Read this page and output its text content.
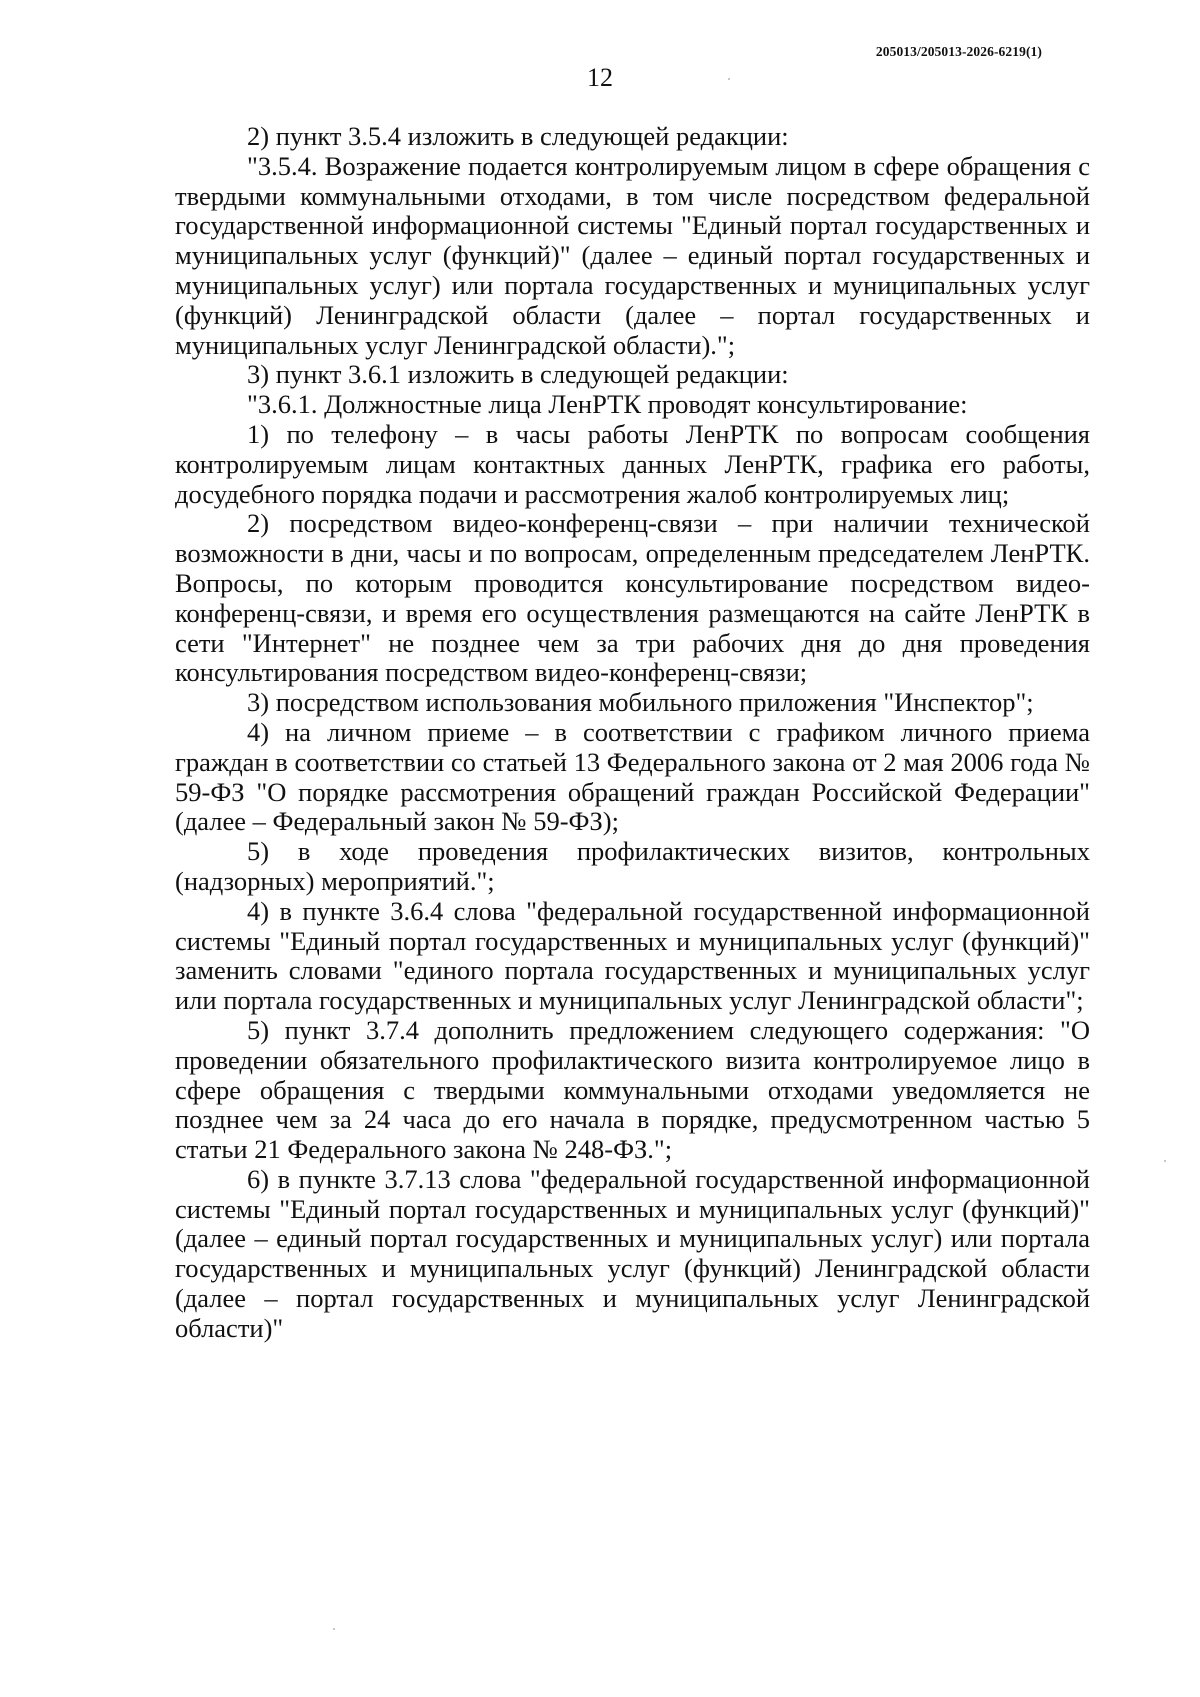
205013/205013-2026-6219(1)
12

2) пункт 3.5.4 изложить в следующей редакции:

"3.5.4. Возражение подается контролируемым лицом в сфере обращения с твердыми коммунальными отходами, в том числе посредством федеральной государственной информационной системы "Единый портал государственных и муниципальных услуг (функций)" (далее – единый портал государственных и муниципальных услуг) или портала государственных и муниципальных услуг (функций) Ленинградской области (далее – портал государственных и муниципальных услуг Ленинградской области).";

3) пункт 3.6.1 изложить в следующей редакции:

"3.6.1. Должностные лица ЛенРТК проводят консультирование:

1) по телефону – в часы работы ЛенРТК по вопросам сообщения контролируемым лицам контактных данных ЛенРТК, графика его работы, досудебного порядка подачи и рассмотрения жалоб контролируемых лиц;

2) посредством видео-конференц-связи – при наличии технической возможности в дни, часы и по вопросам, определенным председателем ЛенРТК. Вопросы, по которым проводится консультирование посредством видео-конференц-связи, и время его осуществления размещаются на сайте ЛенРТК в сети "Интернет" не позднее чем за три рабочих дня до дня проведения консультирования посредством видео-конференц-связи;

3) посредством использования мобильного приложения "Инспектор";

4) на личном приеме – в соответствии с графиком личного приема граждан в соответствии со статьей 13 Федерального закона от 2 мая 2006 года № 59-ФЗ "О порядке рассмотрения обращений граждан Российской Федерации" (далее – Федеральный закон № 59-ФЗ);

5) в ходе проведения профилактических визитов, контрольных (надзорных) мероприятий.";

4) в пункте 3.6.4 слова "федеральной государственной информационной системы "Единый портал государственных и муниципальных услуг (функций)" заменить словами "единого портала государственных и муниципальных услуг или портала государственных и муниципальных услуг Ленинградской области";

5) пункт 3.7.4 дополнить предложением следующего содержания: "О проведении обязательного профилактического визита контролируемое лицо в сфере обращения с твердыми коммунальными отходами уведомляется не позднее чем за 24 часа до его начала в порядке, предусмотренном частью 5 статьи 21 Федерального закона № 248-ФЗ.";

6) в пункте 3.7.13 слова "федеральной государственной информационной системы "Единый портал государственных и муниципальных услуг (функций)" (далее – единый портал государственных и муниципальных услуг) или портала государственных и муниципальных услуг (функций) Ленинградской области (далее – портал государственных и муниципальных услуг Ленинградской области)"
